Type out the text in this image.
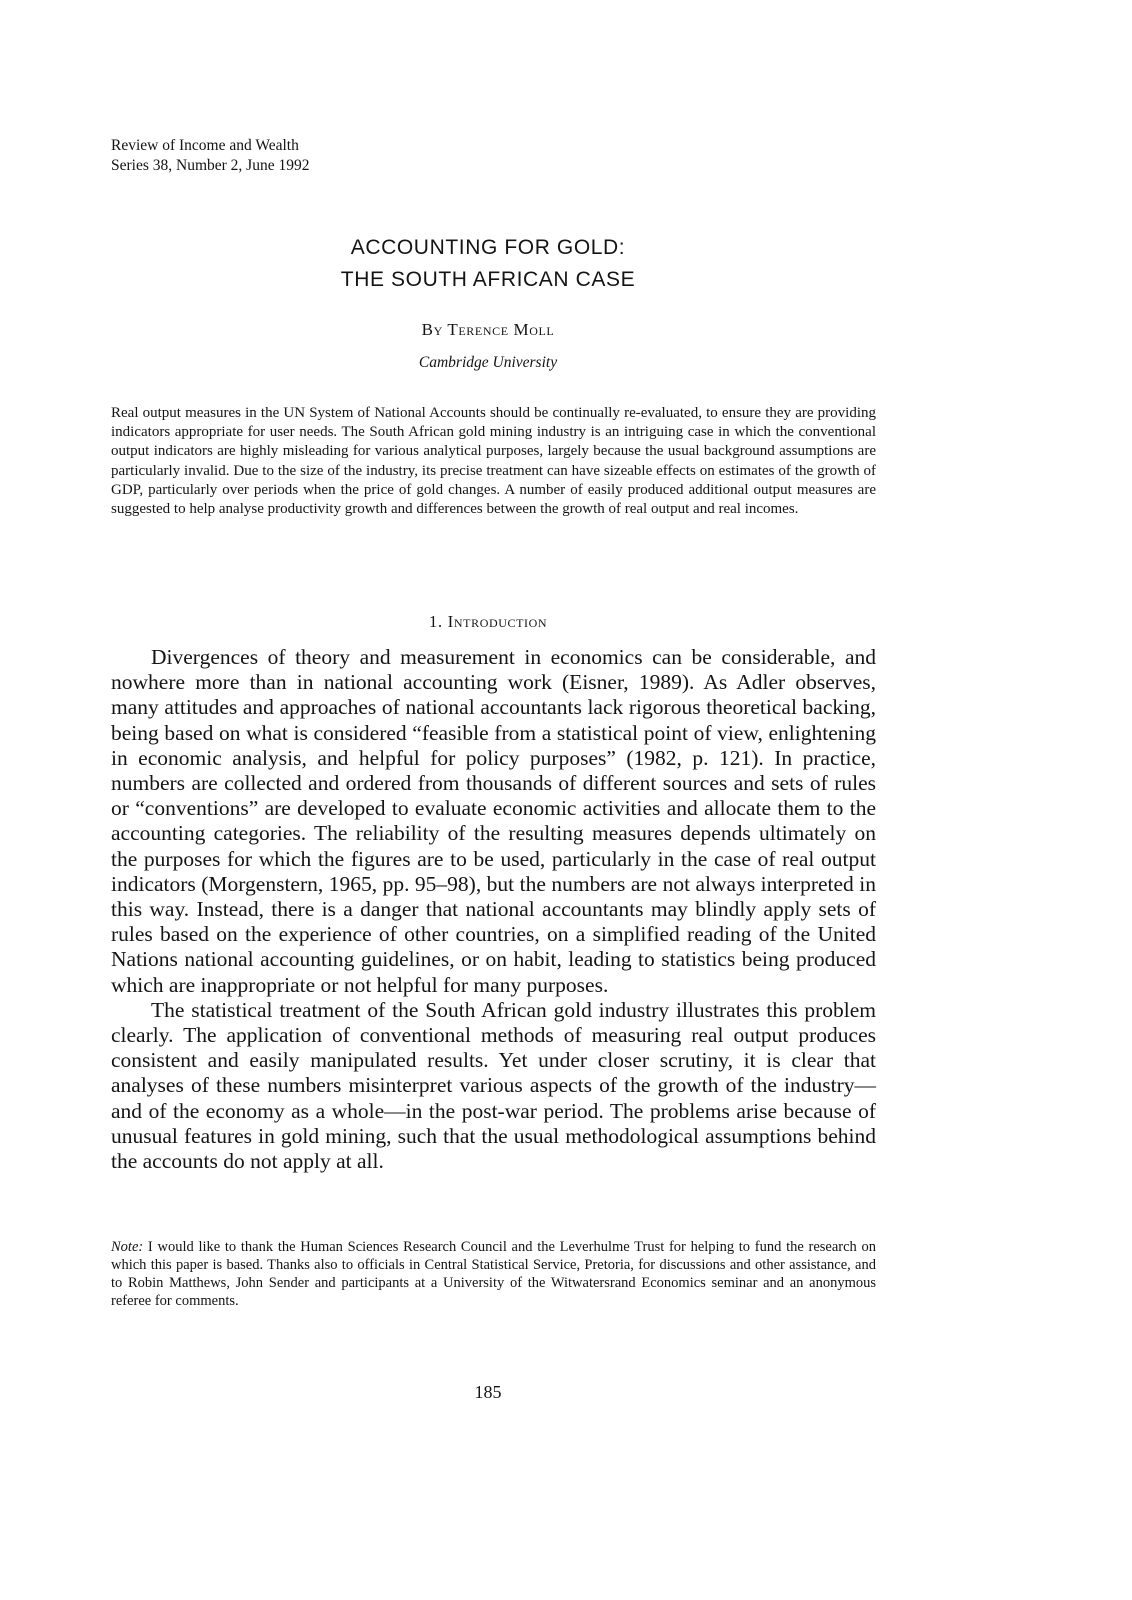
Review of Income and Wealth
Series 38, Number 2, June 1992
ACCOUNTING FOR GOLD:
THE SOUTH AFRICAN CASE
By Terence Moll
Cambridge University
Real output measures in the UN System of National Accounts should be continually re-evaluated, to ensure they are providing indicators appropriate for user needs. The South African gold mining industry is an intriguing case in which the conventional output indicators are highly misleading for various analytical purposes, largely because the usual background assumptions are particularly invalid. Due to the size of the industry, its precise treatment can have sizeable effects on estimates of the growth of GDP, particularly over periods when the price of gold changes. A number of easily produced additional output measures are suggested to help analyse productivity growth and differences between the growth of real output and real incomes.
1. Introduction

Divergences of theory and measurement in economics can be considerable, and nowhere more than in national accounting work (Eisner, 1989). As Adler observes, many attitudes and approaches of national accountants lack rigorous theoretical backing, being based on what is considered “feasible from a statistical point of view, enlightening in economic analysis, and helpful for policy purposes” (1982, p. 121). In practice, numbers are collected and ordered from thousands of different sources and sets of rules or “conventions” are developed to evaluate economic activities and allocate them to the accounting categories. The reliability of the resulting measures depends ultimately on the purposes for which the figures are to be used, particularly in the case of real output indicators (Morgenstern, 1965, pp. 95–98), but the numbers are not always interpreted in this way. Instead, there is a danger that national accountants may blindly apply sets of rules based on the experience of other countries, on a simplified reading of the United Nations national accounting guidelines, or on habit, leading to statistics being produced which are inappropriate or not helpful for many purposes.

The statistical treatment of the South African gold industry illustrates this problem clearly. The application of conventional methods of measuring real output produces consistent and easily manipulated results. Yet under closer scrutiny, it is clear that analyses of these numbers misinterpret various aspects of the growth of the industry—and of the economy as a whole—in the post-war period. The problems arise because of unusual features in gold mining, such that the usual methodological assumptions behind the accounts do not apply at all.

Note: I would like to thank the Human Sciences Research Council and the Leverhulme Trust for helping to fund the research on which this paper is based. Thanks also to officials in Central Statistical Service, Pretoria, for discussions and other assistance, and to Robin Matthews, John Sender and participants at a University of the Witwatersrand Economics seminar and an anonymous referee for comments.
185
